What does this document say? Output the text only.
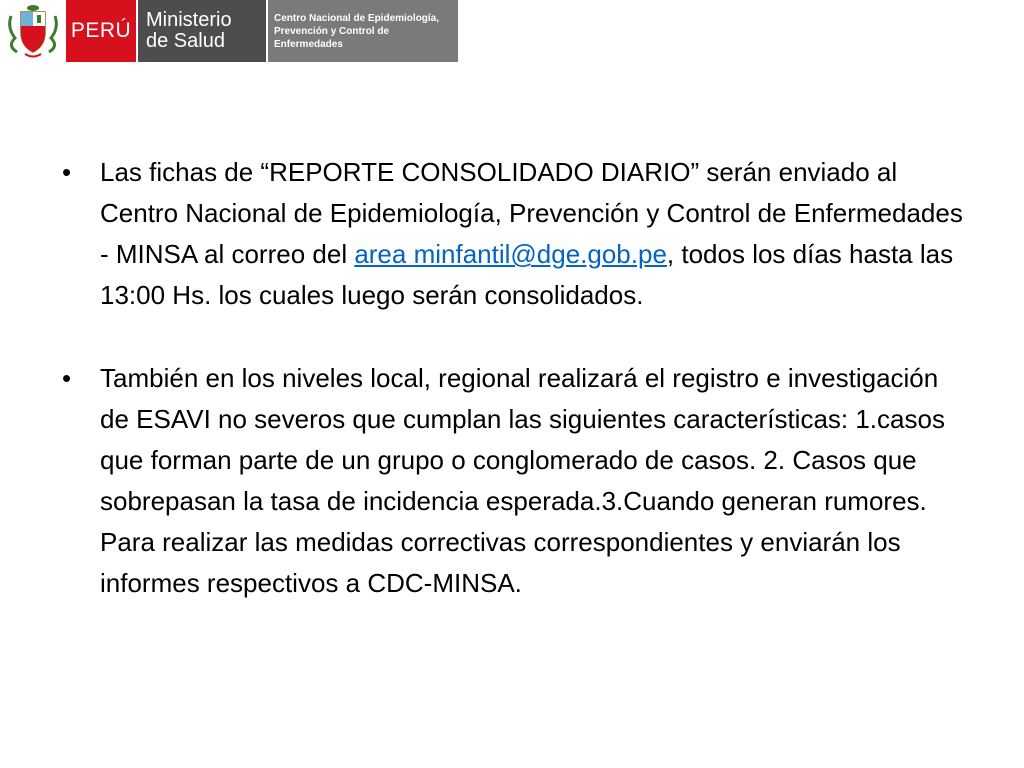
PERÚ Ministerio
de Salud
Centro Nacional de Epidemiología,
Prevención y Control de
Enfermedades
•	Las fichas de “REPORTE CONSOLIDADO DIARIO” serán enviado al Centro Nacional de Epidemiología, Prevención y Control de Enfermedades - MINSA al correo del area minfantil@dge.gob.pe, todos los días hasta las 13:00 Hs. los cuales luego serán consolidados.
•	También en los niveles local, regional realizará el registro e investigación de ESAVI no severos que cumplan las siguientes características: 1.casos que forman parte de un grupo o conglomerado de casos. 2. Casos que sobrepasan la tasa de incidencia esperada.3.Cuando generan rumores. Para realizar las medidas correctivas correspondientes y enviarán los informes respectivos a CDC-MINSA.
